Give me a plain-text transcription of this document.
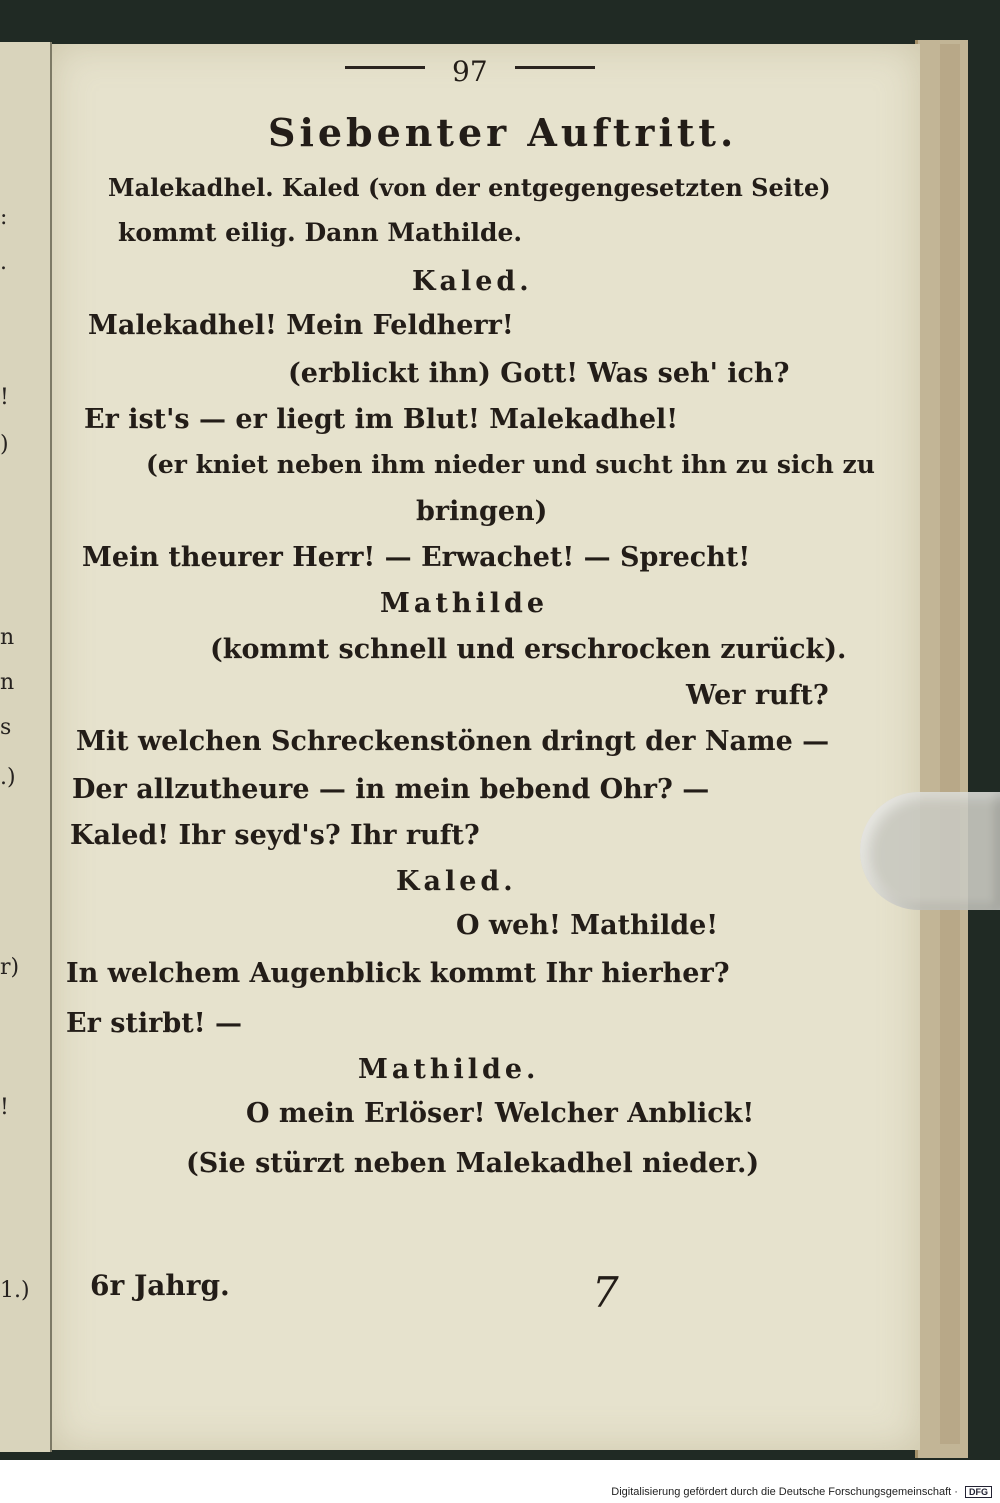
:
.
!
)
n
n
s
.)
r)
!
1.)
97
Siebenter Auftritt.
Malekadhel. Kaled (von der entgegengesetzten Seite)
kommt eilig. Dann Mathilde.
Kaled.
Malekadhel! Mein Feldherr!
(erblickt ihn) Gott! Was seh' ich?
Er ist's — er liegt im Blut! Malekadhel!
(er kniet neben ihm nieder und sucht ihn zu sich zu
bringen)
Mein theurer Herr! — Erwachet! — Sprecht!
Mathilde
(kommt schnell und erschrocken zurück).
Wer ruft?
Mit welchen Schreckenstönen dringt der Name —
Der allzutheure — in mein bebend Ohr? —
Kaled! Ihr seyd's? Ihr ruft?
Kaled.
O weh! Mathilde!
In welchem Augenblick kommt Ihr hierher?
Er stirbt! —
Mathilde.
O mein Erlöser! Welcher Anblick!
(Sie stürzt neben Malekadhel nieder.)
6r Jahrg.	7
Digitalisierung gefördert durch die Deutsche Forschungsgemeinschaft · DFG
